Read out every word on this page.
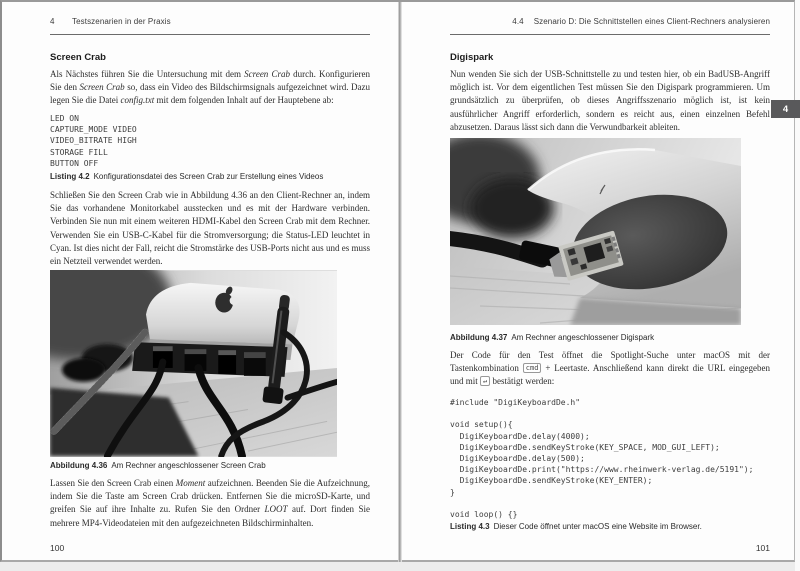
4 Testszenarien in der Praxis
Screen Crab
Als Nächstes führen Sie die Untersuchung mit dem Screen Crab durch. Konfigurieren Sie den Screen Crab so, dass ein Video des Bildschirmsignals aufgezeichnet wird. Dazu legen Sie die Datei config.txt mit dem folgenden Inhalt auf der Hauptebene ab:
LED ON
CAPTURE_MODE VIDEO
VIDEO_BITRATE HIGH
STORAGE FILL
BUTTON OFF
Listing 4.2 Konfigurationsdatei des Screen Crab zur Erstellung eines Videos
Schließen Sie den Screen Crab wie in Abbildung 4.36 an den Client-Rechner an, indem Sie das vorhandene Monitorkabel ausstecken und es mit der Hardware verbinden. Verbinden Sie nun mit einem weiteren HDMI-Kabel den Screen Crab mit dem Rechner. Verwenden Sie ein USB-C-Kabel für die Stromversorgung; die Status-LED leuchtet in Cyan. Ist dies nicht der Fall, reicht die Stromstärke des USB-Ports nicht aus und es muss ein Netzteil verwendet werden.
Abbildung 4.36 Am Rechner angeschlossener Screen Crab
Lassen Sie den Screen Crab einen Moment aufzeichnen. Beenden Sie die Aufzeichnung, indem Sie die Taste am Screen Crab drücken. Entfernen Sie die microSD-Karte, und greifen Sie auf ihre Inhalte zu. Rufen Sie den Ordner LOOT auf. Dort finden Sie mehrere MP4-Videodateien mit den aufgezeichneten Bildschirminhalten.
100
4.4 Szenario D: Die Schnittstellen eines Client-Rechners analysieren
Digispark
Nun wenden Sie sich der USB-Schnittstelle zu und testen hier, ob ein BadUSB-Angriff möglich ist. Vor dem eigentlichen Test müssen Sie den Digispark programmieren. Um grundsätzlich zu überprüfen, ob dieses Angriffsszenario möglich ist, ist kein ausführlicher Angriff erforderlich, sondern es reicht aus, einen einzelnen Befehl abzusetzen. Daraus lässt sich dann die Verwundbarkeit ableiten.
Abbildung 4.37 Am Rechner angeschlossener Digispark
Der Code für den Test öffnet die Spotlight-Suche unter macOS mit der Tastenkombination cmd + Leertaste. Anschließend kann direkt die URL eingegeben und mit ↵ bestätigt werden:
#include "DigiKeyboardDe.h"
void setup(){
DigiKeyboardDe.delay(4000);
DigiKeyboardDe.sendKeyStroke(KEY_SPACE, MOD_GUI_LEFT);
DigiKeyboardDe.delay(500);
DigiKeyboardDe.print("https://www.rheinwerk-verlag.de/5191");
DigiKeyboardDe.sendKeyStroke(KEY_ENTER);
}
void loop() {}
Listing 4.3 Dieser Code öffnet unter macOS eine Website im Browser.
101
4
